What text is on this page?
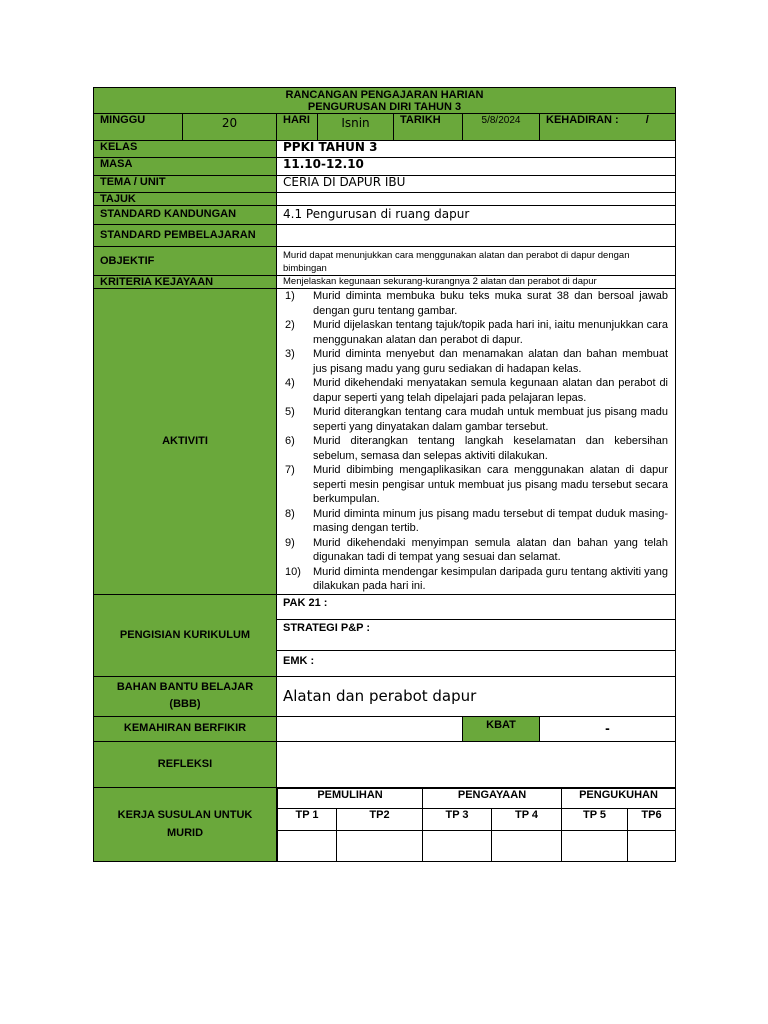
RANCANGAN PENGAJARAN HARIAN
PENGURUSAN DIRI TAHUN 3

MINGGU	20	HARI	Isnin	TARIKH	5/8/2024	KEHADIRAN : /
KELAS	PPKI TAHUN 3
MASA	11.10-12.10
TEMA / UNIT	CERIA DI DAPUR IBU
TAJUK	
STANDARD KANDUNGAN	4.1 Pengurusan di ruang dapur
STANDARD PEMBELAJARAN	
OBJEKTIF	Murid dapat menunjukkan cara menggunakan alatan dan perabot di dapur dengan bimbingan
KRITERIA KEJAYAAN	Menjelaskan kegunaan sekurang-kurangnya 2 alatan dan perabot di dapur
AKTIVITI	
1) Murid diminta membuka buku teks muka surat 38 dan bersoal jawab dengan guru tentang gambar.
2) Murid dijelaskan tentang tajuk/topik pada hari ini, iaitu menunjukkan cara menggunakan alatan dan perabot di dapur.
3) Murid diminta menyebut dan menamakan alatan dan bahan membuat jus pisang madu yang guru sediakan di hadapan kelas.
4) Murid dikehendaki menyatakan semula kegunaan alatan dan perabot di dapur seperti yang telah dipelajari pada pelajaran lepas.
5) Murid diterangkan tentang cara mudah untuk membuat jus pisang madu seperti yang dinyatakan dalam gambar tersebut.
6) Murid diterangkan tentang langkah keselamatan dan kebersihan sebelum, semasa dan selepas aktiviti dilakukan.
7) Murid dibimbing mengaplikasikan cara menggunakan alatan di dapur seperti mesin pengisar untuk membuat jus pisang madu tersebut secara berkumpulan.
8) Murid diminta minum jus pisang madu tersebut di tempat duduk masing-masing dengan tertib.
9) Murid dikehendaki menyimpan semula alatan dan bahan yang telah digunakan tadi di tempat yang sesuai dan selamat.
10) Murid diminta mendengar kesimpulan daripada guru tentang aktiviti yang dilakukan pada hari ini.

PENGISIAN KURIKULUM	PAK 21 :
STRATEGI P&P :
EMK :
BAHAN BANTU BELAJAR (BBB)	Alatan dan perabot dapur
KEMAHIRAN BERFIKIR		KBAT	-
REFLEKSI	
KERJA SUSULAN UNTUK MURID	
PEMULIHAN	PENGAYAAN	PENGUKUHAN
TP 1	TP2	TP 3	TP 4	TP 5	TP6
